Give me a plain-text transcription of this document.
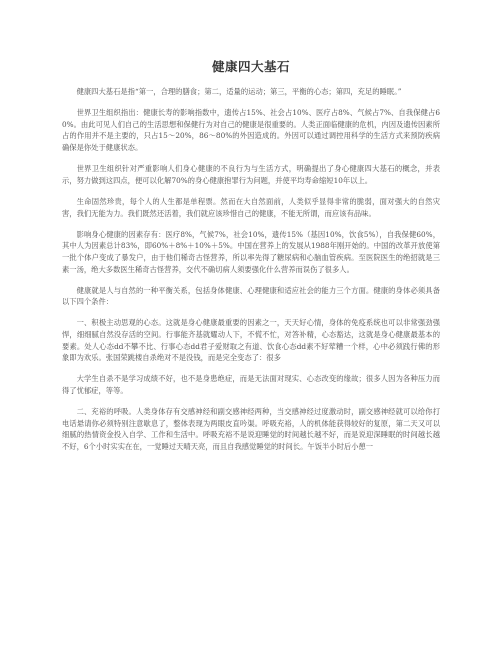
健康四大基石

健康四大基石是指“第一，合理的膳食；第二，适量的运动；第三，平衡的心态；第四，充足的睡眠。”

世界卫生组织指出：健康长寿的影响指数中，遗传占15%、社会占10%、医疗占8%、气候占7%、自我保健占60%。由此可见人们自己的生活思想和保健行为对自己的健康是很重要的。人类正面临健康的危机，内因及遗传因素所占的作用并不是主要的，只占15～20%，86～80%的外因造成的。外因可以通过调控用科学的生活方式来预防疾病确保是你处于健康状态。

世界卫生组织针对严重影响人们身心健康的不良行为与生活方式，明确提出了身心健康四大基石的概念，并表示，努力做到这四点，便可以化解70%的身心健康抱罪行为问题，并使平均寿命缩短10年以上。

生命固然珍贵，每个人的人生都是单程票。然而在大自然面前，人类似乎显得非常的脆弱，面对强大的自然灾害，我们无能为力。我们既然还活着，我们就应该珍惜自己的健康，不能无所谓，而应该有品味。

影响身心健康的因素存有：医疗8%，气候7%，社会10%，遗传15%（基因10%，饮食5%），自我保健60%，其中人为因素总计83%，即60%＋8%＋10%＋5%。中国在营养上的发展从1988年刚开始的。中国的改革开放使第一批个体户变成了暴发户，由于他们稀奇古怪营养，所以率先得了糖尿病和心脑血管疾病。至医院医生的绝招就是三素一汤，绝大多数医生稀奇古怪营养，交代不确切病人须要强化什么营养而误伤了很多人。

健康就是人与自然的一种平衡关系，包括身体健康、心理健康和适应社会的能力三个方面。健康的身体必须具备以下四个条件：

一、积极主动思观的心态。这就是身心健康最重要的因素之一，天天好心情，身体的免疫系统也可以非常强劲强悍，细细腻自然没存活的空间。行事能齐基就耀动人下，不慌不忙，对答补精，心态豁达，这就是身心健康最基本的要素。处人心态dd不攀不比、行事心态dd君子爱财取之有道、饮食心态dd素不好荤糟一个样，心中必须践行佛的形象即为欢乐。张国荣跳楼自杀绝对不是没钱，而是完全变态了：很多

大学生自杀不是学习成绩不好，也不是身患绝症，而是无法面对现实、心态改变的缘故；很多人因为各种压力而得了忧郁症，等等。

二、充裕的呼吸。人类身体存有交感神经和副交感神经两种，当交感神经过度激动时，副交感神经就可以给你打电话悬请你必须特别注意歇息了，整体表现为两眼皮直吟渠。呼吸充裕，人的机体能获得较好的复原，第二天又可以细腻的热情资金投入自学、工作和生活中。呼吸充裕不是说迎睡觉的时间越长越不好，而是说迎深睡眠的时间越长越不好，6个小时实实在在，一觉睡过天晴天亮，而且自我感觉睡觉的时间长。午饭半小时后小憩一
